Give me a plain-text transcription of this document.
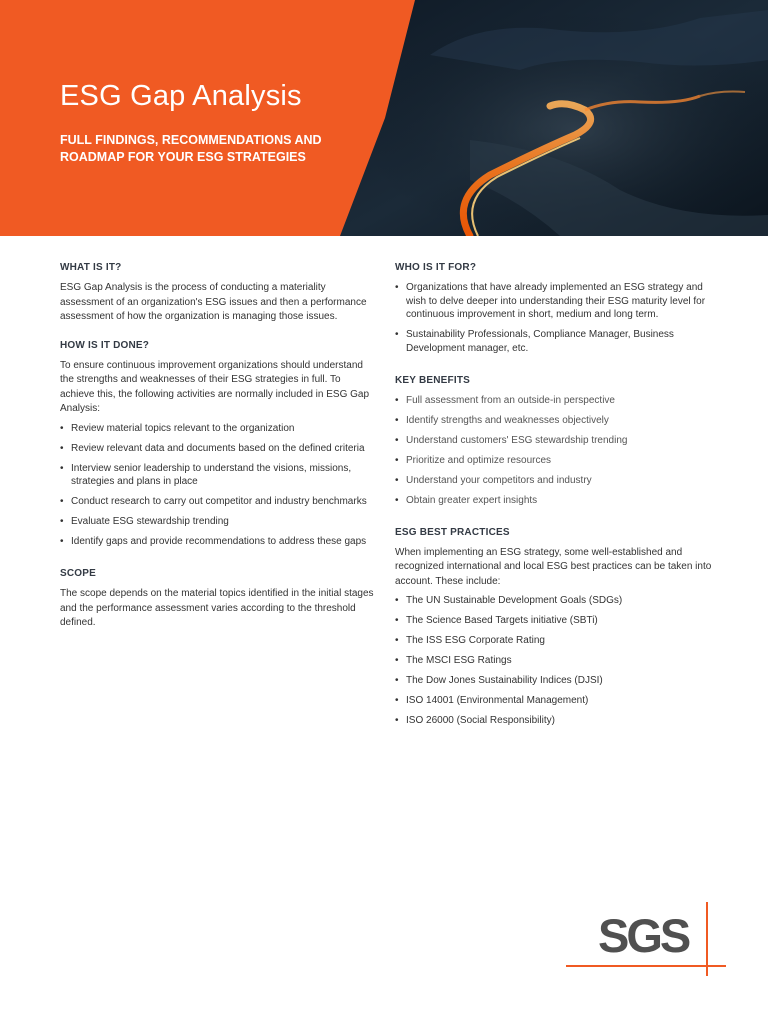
ESG Gap Analysis
FULL FINDINGS, RECOMMENDATIONS AND ROADMAP FOR YOUR ESG STRATEGIES
WHAT IS IT?

ESG Gap Analysis is the process of conducting a materiality assessment of an organization's ESG issues and then a performance assessment of how the organization is managing those issues.

HOW IS IT DONE?

To ensure continuous improvement organizations should understand the strengths and weaknesses of their ESG strategies in full. To achieve this, the following activities are normally included in ESG Gap Analysis:

• Review material topics relevant to the organization
• Review relevant data and documents based on the defined criteria
• Interview senior leadership to understand the visions, missions, strategies and plans in place
• Conduct research to carry out competitor and industry benchmarks
• Evaluate ESG stewardship trending
• Identify gaps and provide recommendations to address these gaps
SCOPE

The scope depends on the material topics identified in the initial stages and the performance assessment varies according to the threshold defined.

WHO IS IT FOR?
• Organizations that have already implemented an ESG strategy and wish to delve deeper into understanding their ESG maturity level for continuous improvement in short, medium and long term.
• Sustainability Professionals, Compliance Manager, Business Development manager, etc.
KEY BENEFITS
• Full assessment from an outside-in perspective
• Identify strengths and weaknesses objectively
• Understand customers' ESG stewardship trending
• Prioritize and optimize resources
• Understand your competitors and industry
• Obtain greater expert insights
ESG BEST PRACTICES

When implementing an ESG strategy, some well-established and recognized international and local ESG best practices can be taken into account. These include:

• The UN Sustainable Development Goals (SDGs)
• The Science Based Targets initiative (SBTi)
• The ISS ESG Corporate Rating
• The MSCI ESG Ratings
• The Dow Jones Sustainability Indices (DJSI)
• ISO 14001 (Environmental Management)
• ISO 26000 (Social Responsibility)
SGS
